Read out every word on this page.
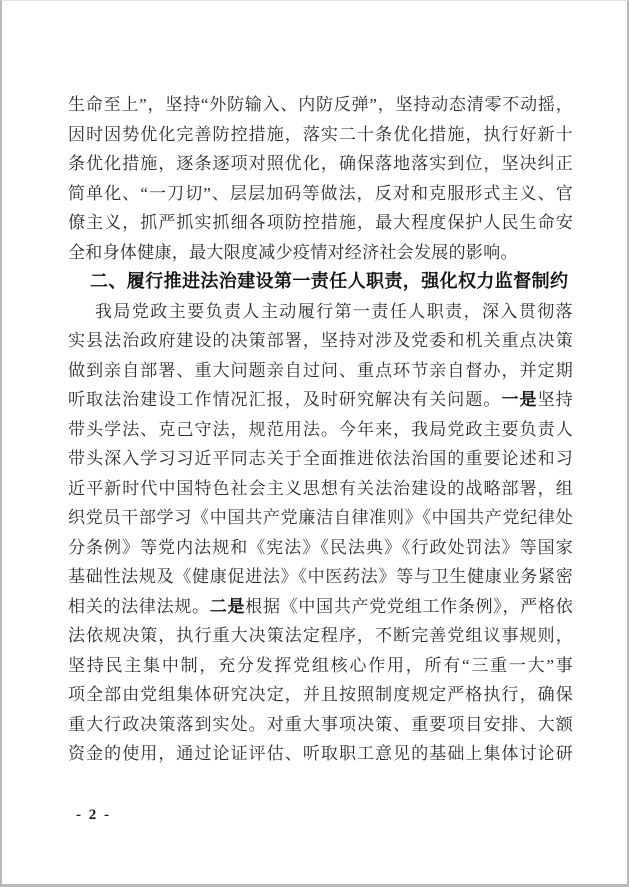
生命至上”，坚持“外防输入、内防反弹”，坚持动态清零不动摇，
因时因势优化完善防控措施，落实二十条优化措施，执行好新十
条优化措施，逐条逐项对照优化，确保落地落实到位，坚决纠正
简单化、“一刀切”、层层加码等做法，反对和克服形式主义、官
僚主义，抓严抓实抓细各项防控措施，最大程度保护人民生命安
全和身体健康，最大限度减少疫情对经济社会发展的影响。
二、履行推进法治建设第一责任人职责，强化权力监督制约
我局党政主要负责人主动履行第一责任人职责，深入贯彻落
实县法治政府建设的决策部署，坚持对涉及党委和机关重点决策
做到亲自部署、重大问题亲自过问、重点环节亲自督办，并定期
听取法治建设工作情况汇报，及时研究解决有关问题。一是坚持
带头学法、克己守法，规范用法。今年来，我局党政主要负责人
带头深入学习习近平同志关于全面推进依法治国的重要论述和习
近平新时代中国特色社会主义思想有关法治建设的战略部署，组
织党员干部学习《中国共产党廉洁自律准则》《中国共产党纪律处
分条例》等党内法规和《宪法》《民法典》《行政处罚法》等国家
基础性法规及《健康促进法》《中医药法》等与卫生健康业务紧密
相关的法律法规。二是根据《中国共产党党组工作条例》，严格依
法依规决策，执行重大决策法定程序，不断完善党组议事规则，
坚持民主集中制，充分发挥党组核心作用，所有“三重一大”事
项全部由党组集体研究决定，并且按照制度规定严格执行，确保
重大行政决策落到实处。对重大事项决策、重要项目安排、大额
资金的使用，通过论证评估、听取职工意见的基础上集体讨论研
- 2 -
